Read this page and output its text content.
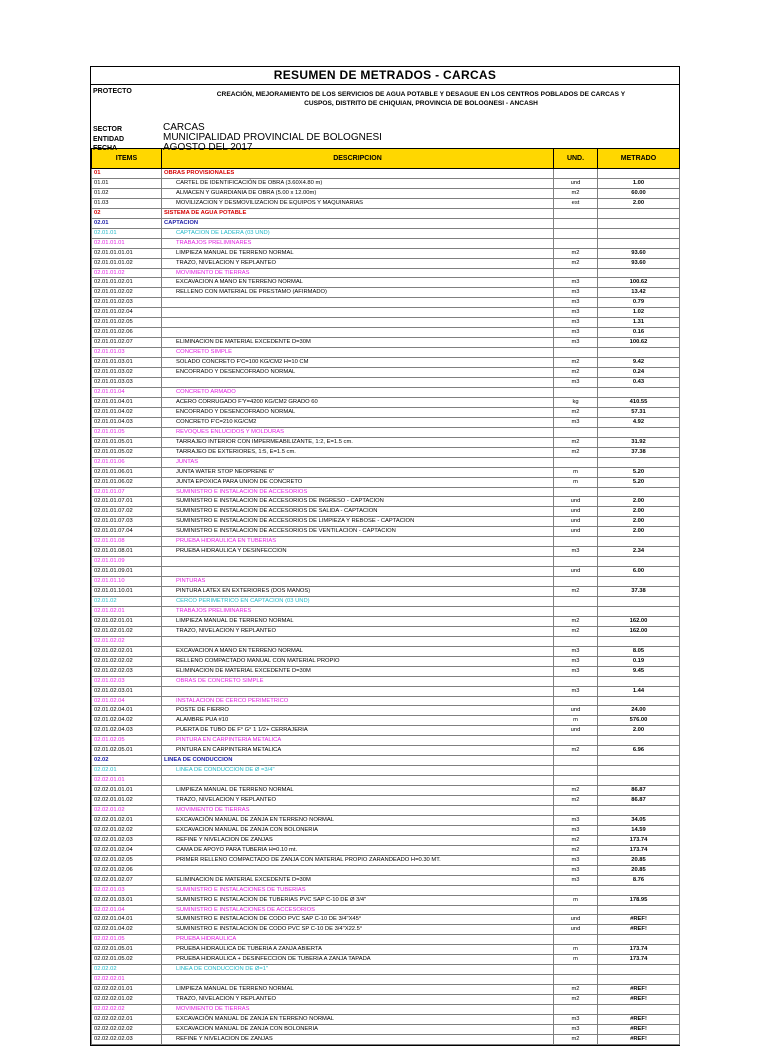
RESUMEN DE METRADOS - CARCAS
PROTECTO	CREACIÓN, MEJORAMIENTO DE LOS SERVICIOS DE AGUA POTABLE Y DESAGUE EN LOS CENTROS POBLADOS DE CARCAS Y
CUSPOS, DISTRITO DE CHIQUIAN, PROVINCIA DE BOLOGNESI - ANCASH
SECTOR	CARCAS
ENTIDAD	MUNICIPALIDAD PROVINCIAL DE BOLOGNESI
FECHA	AGOSTO DEL 2017
ITEMS	DESCRIPCION	UND.	METRADO
01	OBRAS PROVISIONALES		
01.01	CARTEL DE IDENTIFICACIÓN DE OBRA (3.60X4.80 m)	und	1.00
01.02	ALMACEN Y GUARDIANIA DE OBRA (5.00 x 12.00m)	m2	60.00
01.03	MOVILIZACION Y DESMOVILIZACION DE EQUIPOS Y MAQUINARIAS	est	2.00
02	SISTEMA DE AGUA POTABLE		
02.01	CAPTACION		
02.01.01	CAPTACION DE LADERA (03 UND)		
02.01.01.01	TRABAJOS PRELIMINARES		
02.01.01.01.01	LIMPIEZA MANUAL DE TERRENO NORMAL	m2	93.60
02.01.01.01.02	TRAZO, NIVELACION Y REPLANTEO	m2	93.60
02.01.01.02	MOVIMIENTO DE TIERRAS		
02.01.01.02.01	EXCAVACION A MANO EN TERRENO NORMAL	m3	100.62
02.01.01.02.02	RELLENO CON MATERIAL DE PRESTAMO (AFIRMADO)	m3	13.42
02.01.01.02.03		m3	0.79
02.01.01.02.04		m3	1.02
02.01.01.02.05		m3	1.31
02.01.01.02.06		m3	0.16
02.01.01.02.07	ELIMINACION DE MATERIAL EXCEDENTE D=30M	m3	100.62
02.01.01.03	CONCRETO SIMPLE		
02.01.01.03.01	SOLADO CONCRETO F'C=100 KG/CM2 H=10 CM	m2	9.42
02.01.01.03.02	ENCOFRADO Y DESENCOFRADO NORMAL	m2	0.24
02.01.01.03.03		m3	0.43
02.01.01.04	CONCRETO ARMADO		
02.01.01.04.01	ACERO CORRUGADO F'Y=4200 KG/CM2 GRADO 60	kg	410.55
02.01.01.04.02	ENCOFRADO Y DESENCOFRADO NORMAL	m2	57.31
02.01.01.04.03	CONCRETO F'C=210 KG/CM2	m3	4.92
02.01.01.05	REVOQUES ENLUCIDOS Y MOLDURAS		
02.01.01.05.01	TARRAJEO INTERIOR CON IMPERMEABILIZANTE, 1:2, E=1.5 cm.	m2	31.92
02.01.01.05.02	TARRAJEO DE EXTERIORES, 1:5, E=1.5 cm.	m2	37.38
02.01.01.06	JUNTAS		
02.01.01.06.01	JUNTA WATER STOP NEOPRENE 6"	m	5.20
02.01.01.06.02	JUNTA EPOXICA PARA UNION DE CONCRETO	m	5.20
02.01.01.07	SUMINISTRO E INSTALACION DE ACCESORIOS		
02.01.01.07.01	SUMINISTRO E INSTALACION DE ACCESORIOS DE INGRESO - CAPTACION	und	2.00
02.01.01.07.02	SUMINISTRO E INSTALACION DE ACCESORIOS DE SALIDA - CAPTACION	und	2.00
02.01.01.07.03	SUMINISTRO E INSTALACION DE ACCESORIOS DE LIMPIEZA Y REBOSE - CAPTACION	und	2.00
02.01.01.07.04	SUMINISTRO E INSTALACION DE ACCESORIOS DE VENTILACION - CAPTACION	und	2.00
02.01.01.08	PRUEBA HIDRAULICA EN TUBERIAS		
02.01.01.08.01	PRUEBA HIDRAULICA Y DESINFECCION	m3	2.34
02.01.01.09			
02.01.01.09.01		und	6.00
02.01.01.10	PINTURAS		
02.01.01.10.01	PINTURA LATEX EN EXTERIORES (DOS MANOS)	m2	37.38
02.01.02	CERCO PERIMETRICO EN CAPTACION (03 UND)		
02.01.02.01	TRABAJOS PRELIMINARES		
02.01.02.01.01	LIMPIEZA MANUAL DE TERRENO NORMAL	m2	162.00
02.01.02.01.02	TRAZO, NIVELACION Y REPLANTEO	m2	162.00
02.01.02.02			
02.01.02.02.01	EXCAVACION A MANO EN TERRENO NORMAL	m3	8.05
02.01.02.02.02	RELLENO COMPACTADO MANUAL CON MATERIAL PROPIO	m3	0.19
02.01.02.02.03	ELIMINACION DE MATERIAL EXCEDENTE D=30M	m3	9.45
02.01.02.03	OBRAS DE CONCRETO SIMPLE		
02.01.02.03.01		m3	1.44
02.01.02.04	INSTALACION DE CERCO PERIMETRICO		
02.01.02.04.01	POSTE DE FIERRO	und	24.00
02.01.02.04.02	ALAMBRE PUA #10	m	576.00
02.01.02.04.03	PUERTA DE TUBO DE F° G° 1 1/2+ CERRAJERIA	und	2.00
02.01.02.05	PINTURA EN CARPINTERIA METALICA		
02.01.02.05.01	PINTURA EN CARPINTERIA METALICA	m2	6.96
02.02	LINEA DE CONDUCCION		
02.02.01	LINEA DE CONDUCCION DE Ø =3/4"		
02.02.01.01			
02.02.01.01.01	LIMPIEZA MANUAL DE TERRENO NORMAL	m2	86.87
02.02.01.01.02	TRAZO, NIVELACION Y REPLANTEO	m2	86.87
02.02.01.02	MOVIMIENTO DE TIERRAS		
02.02.01.02.01	EXCAVACIÓN MANUAL DE ZANJA EN TERRENO NORMAL	m3	34.05
02.02.01.02.02	EXCAVACION MANUAL DE ZANJA CON BOLONERIA	m3	14.59
02.02.01.02.03	REFINE Y NIVELACION DE ZANJAS	m2	173.74
02.02.01.02.04	CAMA DE APOYO PARA TUBERIA H=0.10 mt.	m2	173.74
02.02.01.02.05	PRIMER RELLENO COMPACTADO DE ZANJA CON MATERIAL PROPIO ZARANDEADO H=0.30 MT.	m3	20.85
02.02.01.02.06		m3	20.85
02.02.01.02.07	ELIMINACION DE MATERIAL EXCEDENTE D=30M	m3	8.76
02.02.01.03	SUMINISTRO E INSTALACIONES DE TUBERIAS		
02.02.01.03.01	SUMINISTRO E INSTALACION DE TUBERIAS PVC SAP C-10 DE Ø 3/4"	m	178.95
02.02.01.04	SUMINISTRO E INSTALACIONES DE ACCESORIOS		
02.02.01.04.01	SUMINISTRO E INSTALACION DE CODO PVC SAP C-10 DE 3/4"X45°	und	#REF!
02.02.01.04.02	SUMINISTRO E INSTALACION DE CODO PVC SP C-10 DE 3/4"X22.5°	und	#REF!
02.02.01.05	PRUEBA HIDRAULICA		
02.02.01.05.01	PRUEBA HIDRAULICA DE TUBERIA A ZANJA ABIERTA	m	173.74
02.02.01.05.02	PRUEBA HIDRAULICA + DESINFECCION DE TUBERIA A ZANJA TAPADA	m	173.74
02.02.02	LINEA DE CONDUCCION DE Ø=1"		
02.02.02.01			
02.02.02.01.01	LIMPIEZA MANUAL DE TERRENO NORMAL	m2	#REF!
02.02.02.01.02	TRAZO, NIVELACION Y REPLANTEO	m2	#REF!
02.02.02.02	MOVIMIENTO DE TIERRAS		
02.02.02.02.01	EXCAVACIÓN MANUAL DE ZANJA EN TERRENO NORMAL	m3	#REF!
02.02.02.02.02	EXCAVACION MANUAL DE ZANJA CON BOLONERIA	m3	#REF!
02.02.02.02.03	REFINE Y NIVELACION DE ZANJAS	m2	#REF!
